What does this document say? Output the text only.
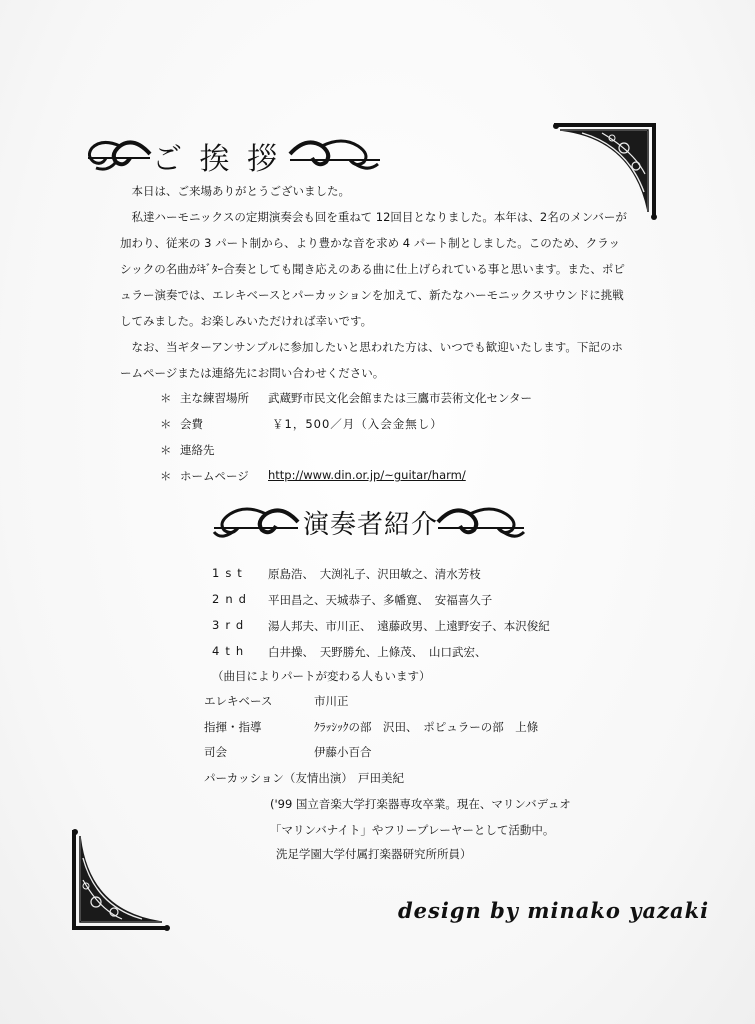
ご 挨 拶

本日は、ご来場ありがとうございました。

私達ハーモニックスの定期演奏会も回を重ねて 12回目となりました。本年は、2名のメンバーが加わり、従来の 3 パート制から、より豊かな音を求め 4 パート制としました。このため、クラッシックの名曲がｷﾞﾀｰ合奏としても聞き応えのある曲に仕上げられている事と思います。また、ポピュラー演奏では、エレキベースとパーカッションを加えて、新たなハーモニックスサウンドに挑戦してみました。お楽しみいただければ幸いです。

なお、当ギターアンサンブルに参加したいと思われた方は、いつでも歓迎いたします。下記のホームページまたは連絡先にお問い合わせください。

＊ 主な練習場所 武蔵野市民文化会館または三鷹市芸術文化センター
＊ 会費	￥1，500／月（入会金無し）
＊ 連絡先
＊ ホームページ http://www.din.or.jp/~guitar/harm/
演奏者紹介
1st 原島浩、　大渕礼子、沢田敏之、清水芳枝
2nd 平田昌之、天城恭子、多幡寛、　安福喜久子
3rd 湯人邦夫、市川正、　遠藤政男、上遠野安子、本沢俊紀
4th 白井操、　天野勝允、上條茂、　山口武宏、
（曲目によりパートが変わる人もいます）
エレキベース	市川正
指揮・指導	ｸﾗｯｼｯｸの部　沢田、　ポピュラーの部　上條
司会	伊藤小百合
パーカッション（友情出演） 戸田美紀
('99 国立音楽大学打楽器専攻卒業。現在、マリンバデュオ
「マリンバナイト」やフリープレーヤーとして活動中。
洗足学園大学付属打楽器研究所所員）
design by minako yazaki
